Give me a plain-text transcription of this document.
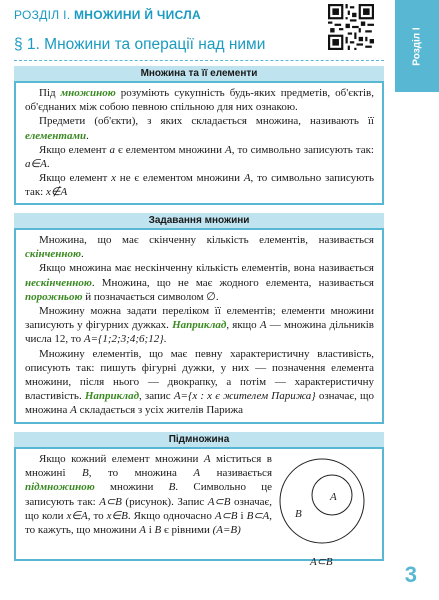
РОЗДІЛ І. МНОЖИНИ Й ЧИСЛА
Розділ І
§ 1. Множини та операції над ними
Множина та її елементи

Під множиною розуміють сукупність будь-яких предметів, об'єктів, об'єднаних між собою певною спільною для них ознакою.

Предмети (об'єкти), з яких складається множина, називають її елементами.

Якщо елемент a є елементом множини A, то символьно записують так: a∈A.

Якщо елемент x не є елементом множини A, то символьно записують так: x∉A

Задавання множини

Множина, що має скінченну кількість елементів, називається скінченною.

Якщо множина має нескінченну кількість елементів, вона називається нескінченною. Множина, що не має жодного елемента, називається порожньою й позначається символом ∅.

Множину можна задати переліком її елементів; елементи множини записують у фігурних дужках. Наприклад, якщо A — множина дільників числа 12, то A={1;2;3;4;6;12}.

Множину елементів, що має певну характеристичну властивість, описують так: пишуть фігурні дужки, у них — позначення елемента множини, після нього — двокрапку, а потім — характеристичну властивість. Наприклад, запис A={x : x є жителем Парижа} означає, що множина A складається з усіх жителів Парижа

Підмножина

Якщо кожний елемент множини A міститься в множині B, то множина A називається підмножиною множини B. Символьно це записують так: A⊂B (рисунок). Запис A⊂B означає, що коли x∈A, то x∈B. Якщо одночасно A⊂B і B⊂A, то кажуть, що множини A і B є рівними (A=B)

A
B
A⊂B	3
